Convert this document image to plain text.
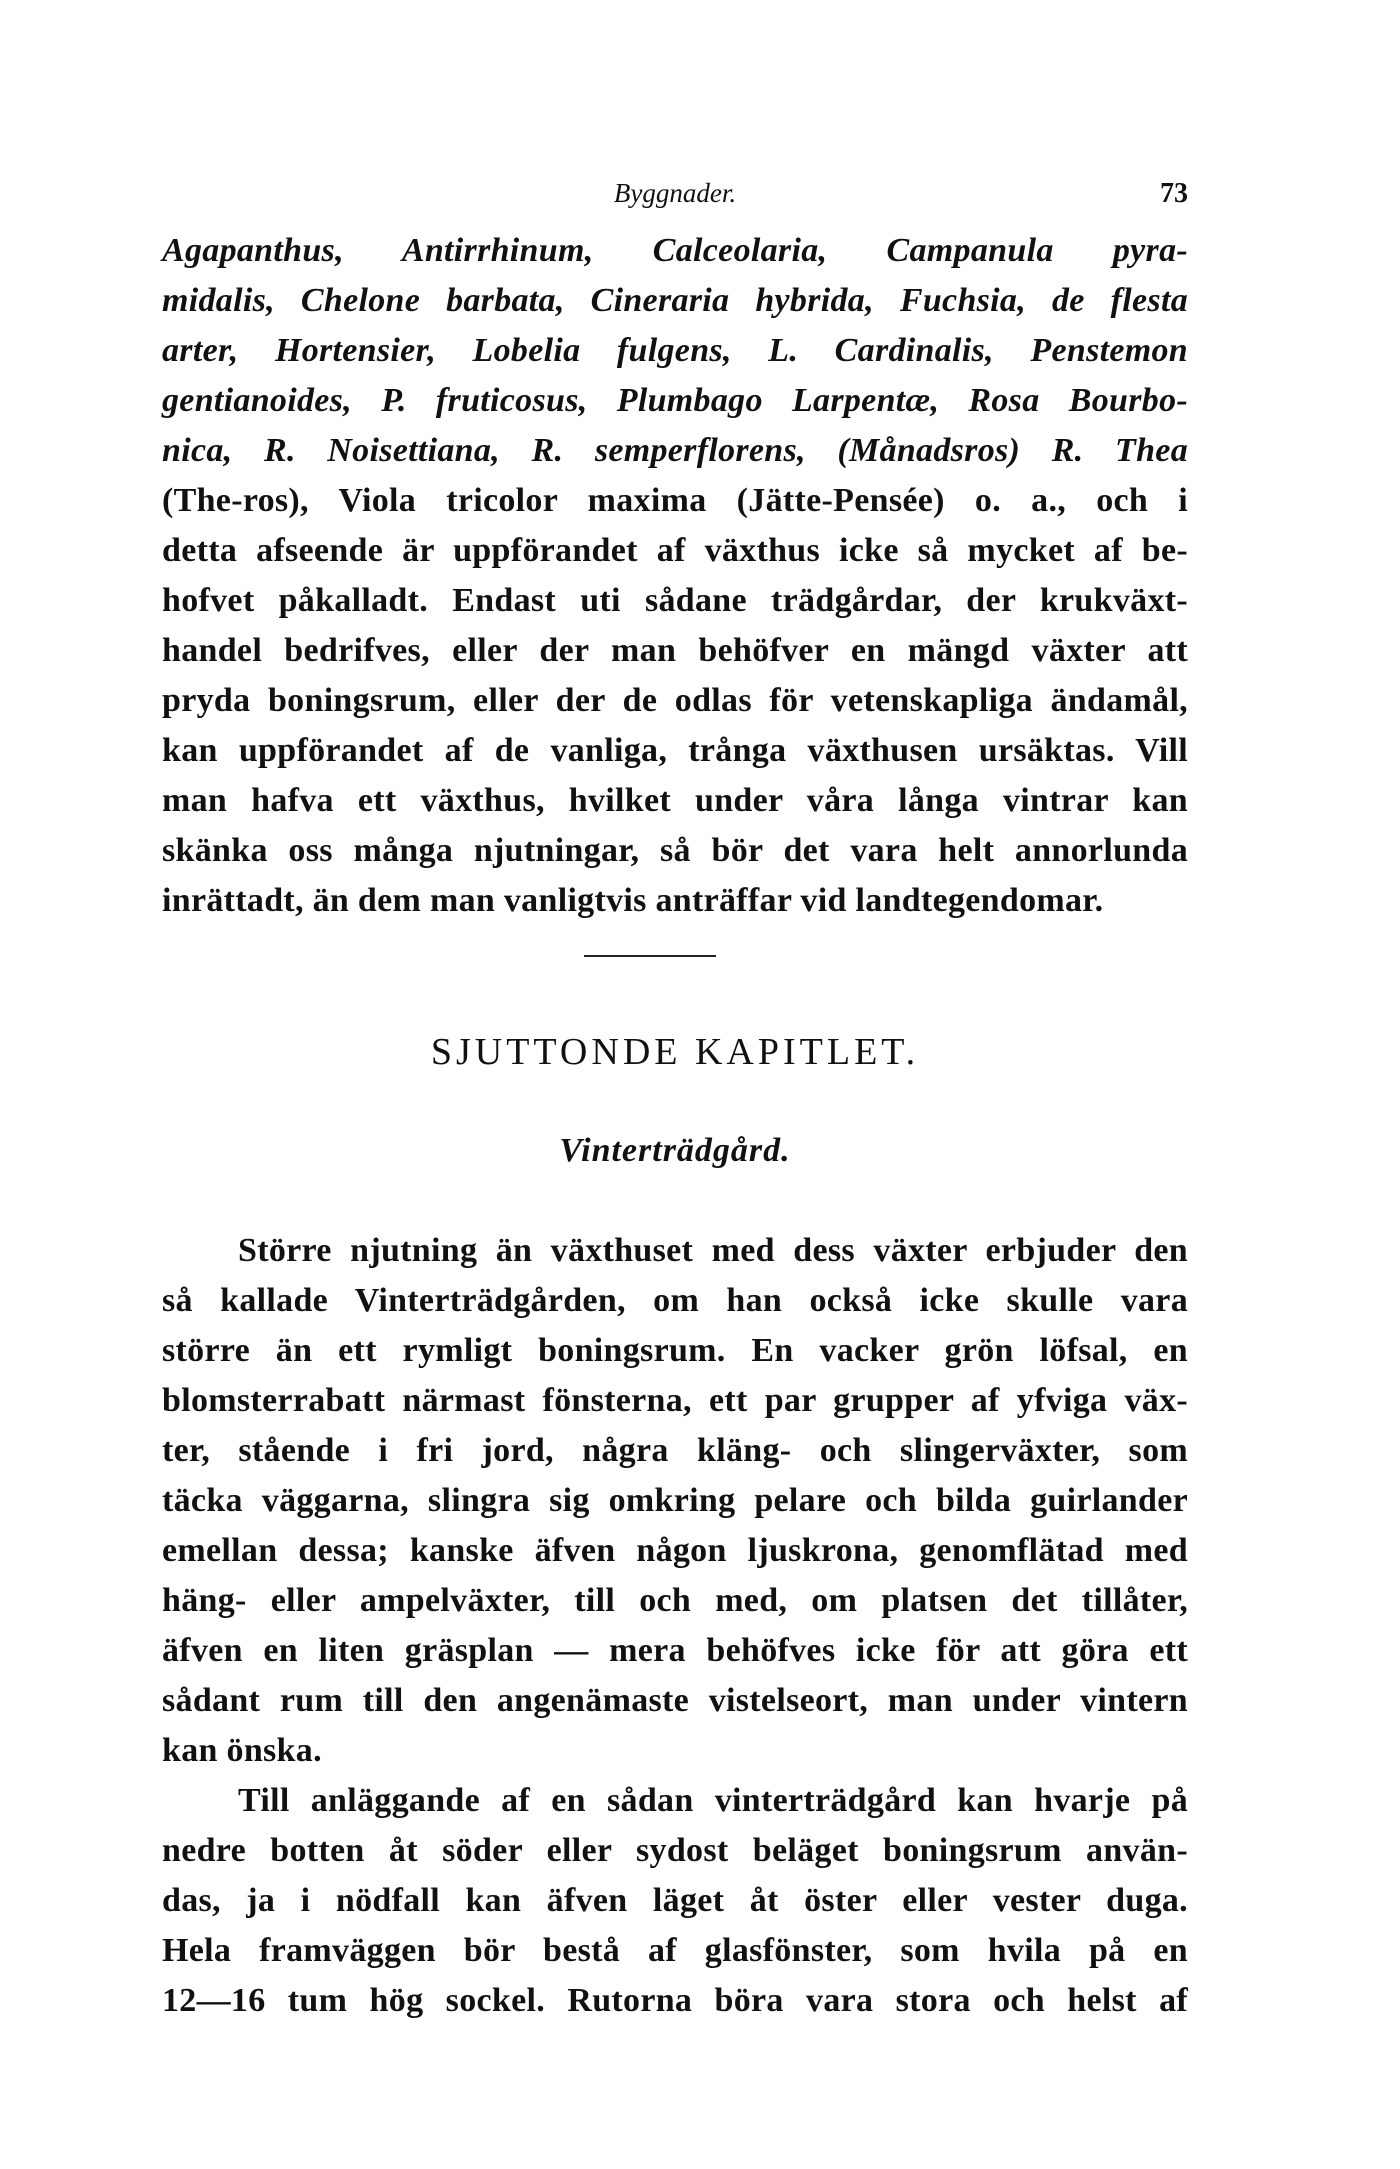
Byggnader.	73
Agapanthus, Antirrhinum, Calceolaria, Campanula pyra-
midalis, Chelone barbata, Cineraria hybrida, Fuchsia, de flesta
arter, Hortensier, Lobelia fulgens, L. Cardinalis, Penstemon
gentianoides, P. fruticosus, Plumbago Larpentæ, Rosa Bourbo-
nica, R. Noisettiana, R. semperflorens, (Månadsros) R. Thea
(The-ros), Viola tricolor maxima (Jätte-Pensée) o. a., och i
detta afseende är uppförandet af växthus icke så mycket af be-
hofvet påkalladt. Endast uti sådane trädgårdar, der krukväxt-
handel bedrifves, eller der man behöfver en mängd växter att
pryda boningsrum, eller der de odlas för vetenskapliga ändamål,
kan uppförandet af de vanliga, trånga växthusen ursäktas. Vill
man hafva ett växthus, hvilket under våra långa vintrar kan
skänka oss många njutningar, så bör det vara helt annorlunda
inrättadt, än dem man vanligtvis anträffar vid landtegendomar.
SJUTTONDE KAPITLET.
Vinterträdgård.
Större njutning än växthuset med dess växter erbjuder den
så kallade Vinterträdgården, om han också icke skulle vara
större än ett rymligt boningsrum. En vacker grön löfsal, en
blomsterrabatt närmast fönsterna, ett par grupper af yfviga väx-
ter, stående i fri jord, några kläng- och slingerväxter, som
täcka väggarna, slingra sig omkring pelare och bilda guirlander
emellan dessa; kanske äfven någon ljuskrona, genomflätad med
häng- eller ampelväxter, till och med, om platsen det tillåter,
äfven en liten gräsplan — mera behöfves icke för att göra ett
sådant rum till den angenämaste vistelseort, man under vintern
kan önska.
Till anläggande af en sådan vinterträdgård kan hvarje på
nedre botten åt söder eller sydost beläget boningsrum använ-
das, ja i nödfall kan äfven läget åt öster eller vester duga.
Hela framväggen bör bestå af glasfönster, som hvila på en
12—16 tum hög sockel. Rutorna böra vara stora och helst af
